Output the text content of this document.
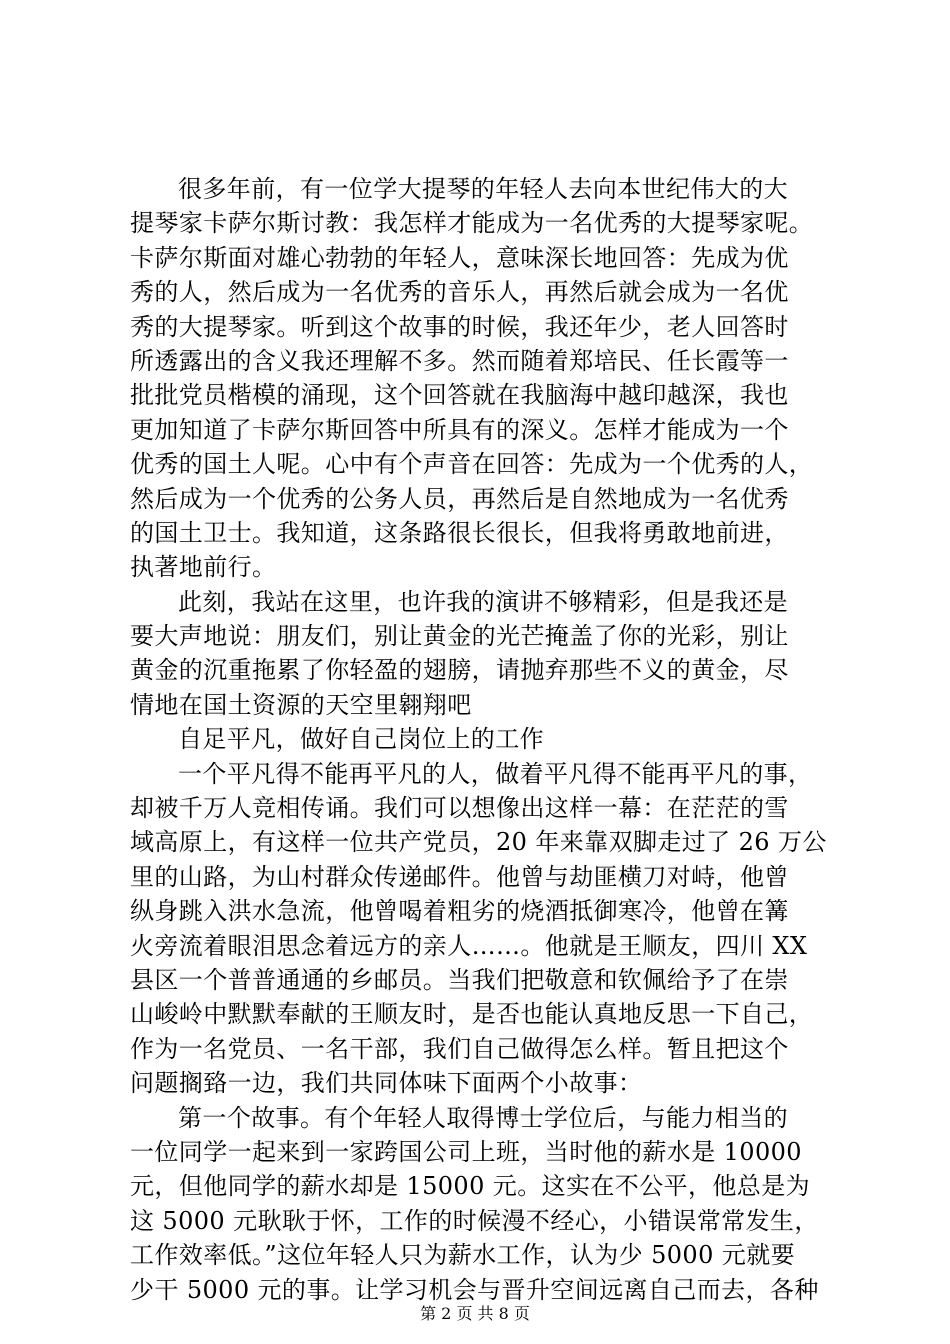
很多年前，有一位学大提琴的年轻人去向本世纪伟大的大
提琴家卡萨尔斯讨教：我怎样才能成为一名优秀的大提琴家呢。
卡萨尔斯面对雄心勃勃的年轻人，意味深长地回答：先成为优
秀的人，然后成为一名优秀的音乐人，再然后就会成为一名优
秀的大提琴家。听到这个故事的时候，我还年少，老人回答时
所透露出的含义我还理解不多。然而随着郑培民、任长霞等一
批批党员楷模的涌现，这个回答就在我脑海中越印越深，我也
更加知道了卡萨尔斯回答中所具有的深义。怎样才能成为一个
优秀的国土人呢。心中有个声音在回答：先成为一个优秀的人，
然后成为一个优秀的公务人员，再然后是自然地成为一名优秀
的国土卫士。我知道，这条路很长很长，但我将勇敢地前进，
执著地前行。
此刻，我站在这里，也许我的演讲不够精彩，但是我还是
要大声地说：朋友们，别让黄金的光芒掩盖了你的光彩，别让
黄金的沉重拖累了你轻盈的翅膀，请抛弃那些不义的黄金，尽
情地在国土资源的天空里翱翔吧
自足平凡，做好自己岗位上的工作
一个平凡得不能再平凡的人，做着平凡得不能再平凡的事，
却被千万人竞相传诵。我们可以想像出这样一幕：在茫茫的雪
域高原上，有这样一位共产党员，20 年来靠双脚走过了 26 万公
里的山路，为山村群众传递邮件。他曾与劫匪横刀对峙，他曾
纵身跳入洪水急流，他曾喝着粗劣的烧酒抵御寒冷，他曾在篝
火旁流着眼泪思念着远方的亲人……。他就是王顺友，四川 XX
县区一个普普通通的乡邮员。当我们把敬意和钦佩给予了在崇
山峻岭中默默奉献的王顺友时，是否也能认真地反思一下自己，
作为一名党员、一名干部，我们自己做得怎么样。暂且把这个
问题搁臵一边，我们共同体味下面两个小故事：
第一个故事。有个年轻人取得博士学位后，与能力相当的
一位同学一起来到一家跨国公司上班，当时他的薪水是 10000
元，但他同学的薪水却是 15000 元。这实在不公平，他总是为
这 5000 元耿耿于怀，工作的时候漫不经心，小错误常常发生，
工作效率低。”这位年轻人只为薪水工作，认为少 5000 元就要
少干 5000 元的事。让学习机会与晋升空间远离自己而去，各种
第 2 页 共 8 页
